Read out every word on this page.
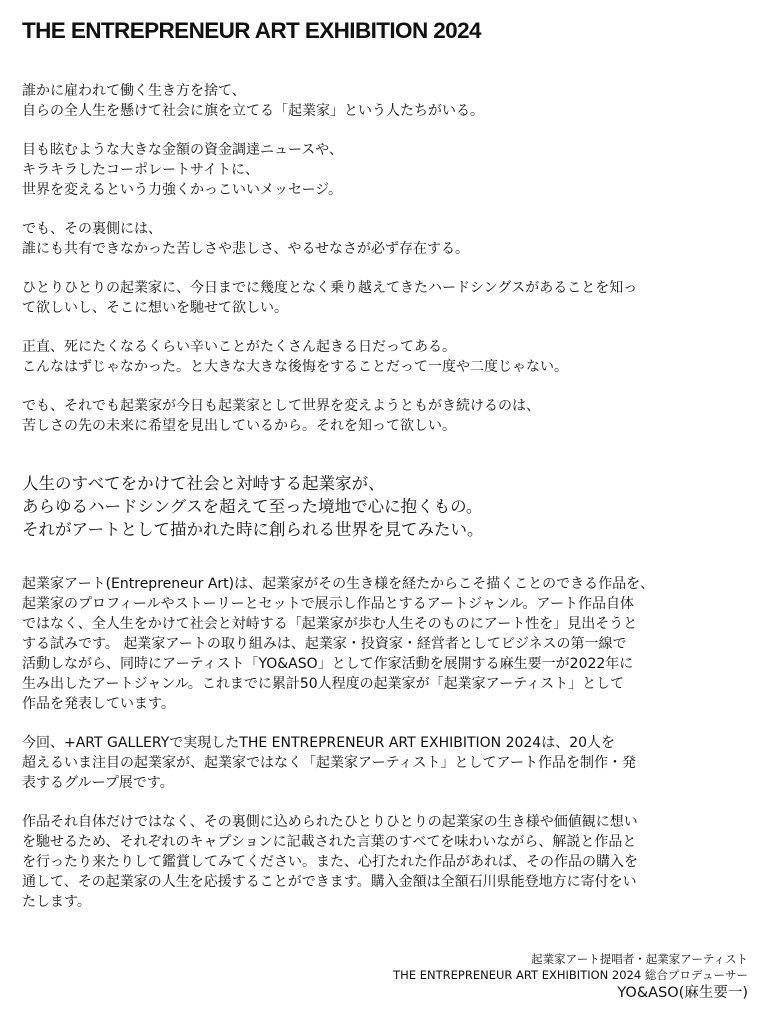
THE ENTREPRENEUR ART EXHIBITION 2024

誰かに雇われて働く生き方を捨て、
自らの全人生を懸けて社会に旗を立てる「起業家」という人たちがいる。

目も眩むような大きな金額の資金調達ニュースや、
キラキラしたコーポレートサイトに、
世界を変えるという力強くかっこいいメッセージ。

でも、その裏側には、
誰にも共有できなかった苦しさや悲しさ、やるせなさが必ず存在する。

ひとりひとりの起業家に、今日までに幾度となく乗り越えてきたハードシングスがあることを知っ
て欲しいし、そこに想いを馳せて欲しい。

正直、死にたくなるくらい辛いことがたくさん起きる日だってある。
こんなはずじゃなかった。と大きな大きな後悔をすることだって一度や二度じゃない。

でも、それでも起業家が今日も起業家として世界を変えようともがき続けるのは、
苦しさの先の未来に希望を見出しているから。それを知って欲しい。

人生のすべてをかけて社会と対峙する起業家が、
あらゆるハードシングスを超えて至った境地で心に抱くもの。
それがアートとして描かれた時に創られる世界を見てみたい。

起業家アート(Entrepreneur Art)は、起業家がその生き様を経たからこそ描くことのできる作品を、
起業家のプロフィールやストーリーとセットで展示し作品とするアートジャンル。アート作品自体
ではなく、全人生をかけて社会と対峙する「起業家が歩む人生そのものにアート性を」見出そうと
する試みです。 起業家アートの取り組みは、起業家・投資家・経営者としてビジネスの第一線で
活動しながら、同時にアーティスト「YO&ASO」として作家活動を展開する麻生要一が2022年に
生み出したアートジャンル。これまでに累計50人程度の起業家が「起業家アーティスト」として
作品を発表しています。

今回、+ART GALLERYで実現したTHE ENTREPRENEUR ART EXHIBITION 2024は、20人を
超えるいま注目の起業家が、起業家ではなく「起業家アーティスト」としてアート作品を制作・発
表するグループ展です。

作品それ自体だけではなく、その裏側に込められたひとりひとりの起業家の生き様や価値観に想い
を馳せるため、それぞれのキャプションに記載された言葉のすべてを味わいながら、解説と作品と
を行ったり来たりして鑑賞してみてください。また、心打たれた作品があれば、その作品の購入を
通して、その起業家の人生を応援することができます。購入金額は全額石川県能登地方に寄付をい
たします。

起業家アート提唱者・起業家アーティスト
THE ENTREPRENEUR ART EXHIBITION 2024 総合プロデューサー
YO&ASO(麻生要一)
